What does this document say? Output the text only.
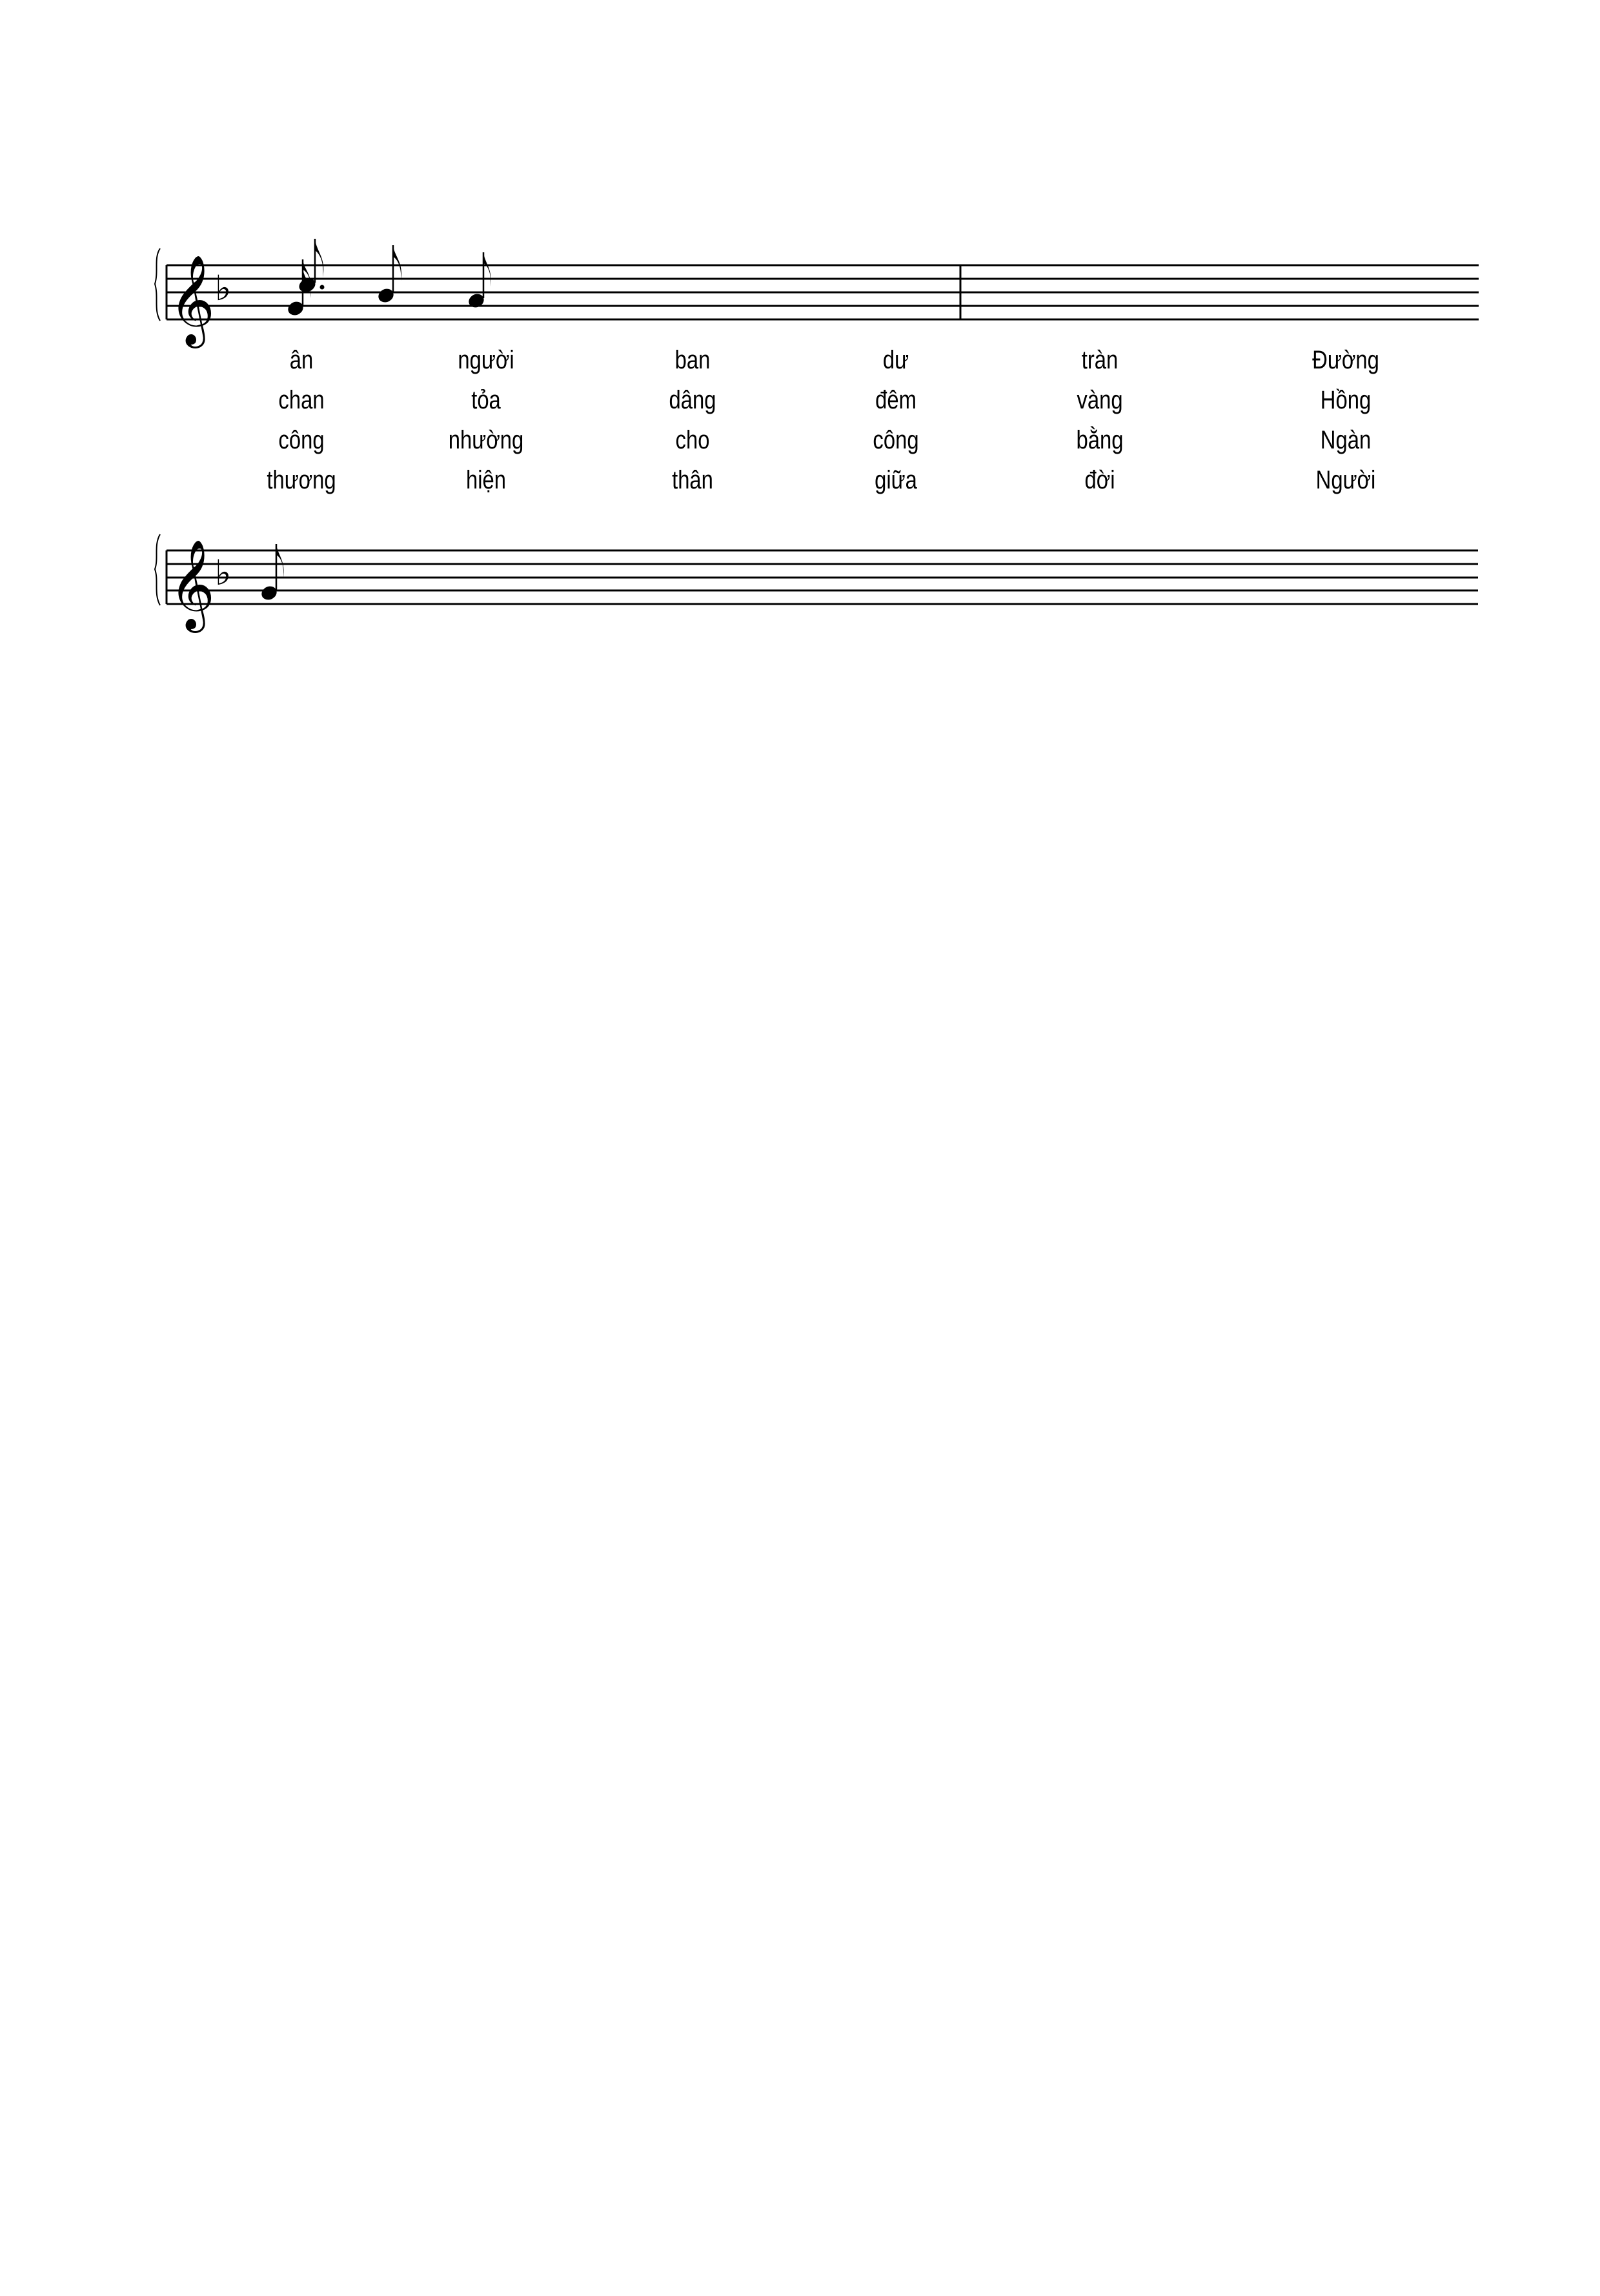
𝄞 ♭
ân	người	ban	dư	tràn	Đường
chan	tỏa	dâng	đêm	vàng	Hồng
công	nhường	cho	công	bằng	Ngàn
thương	hiện	thân	giữa	đời	Người
𝄞 ♭
